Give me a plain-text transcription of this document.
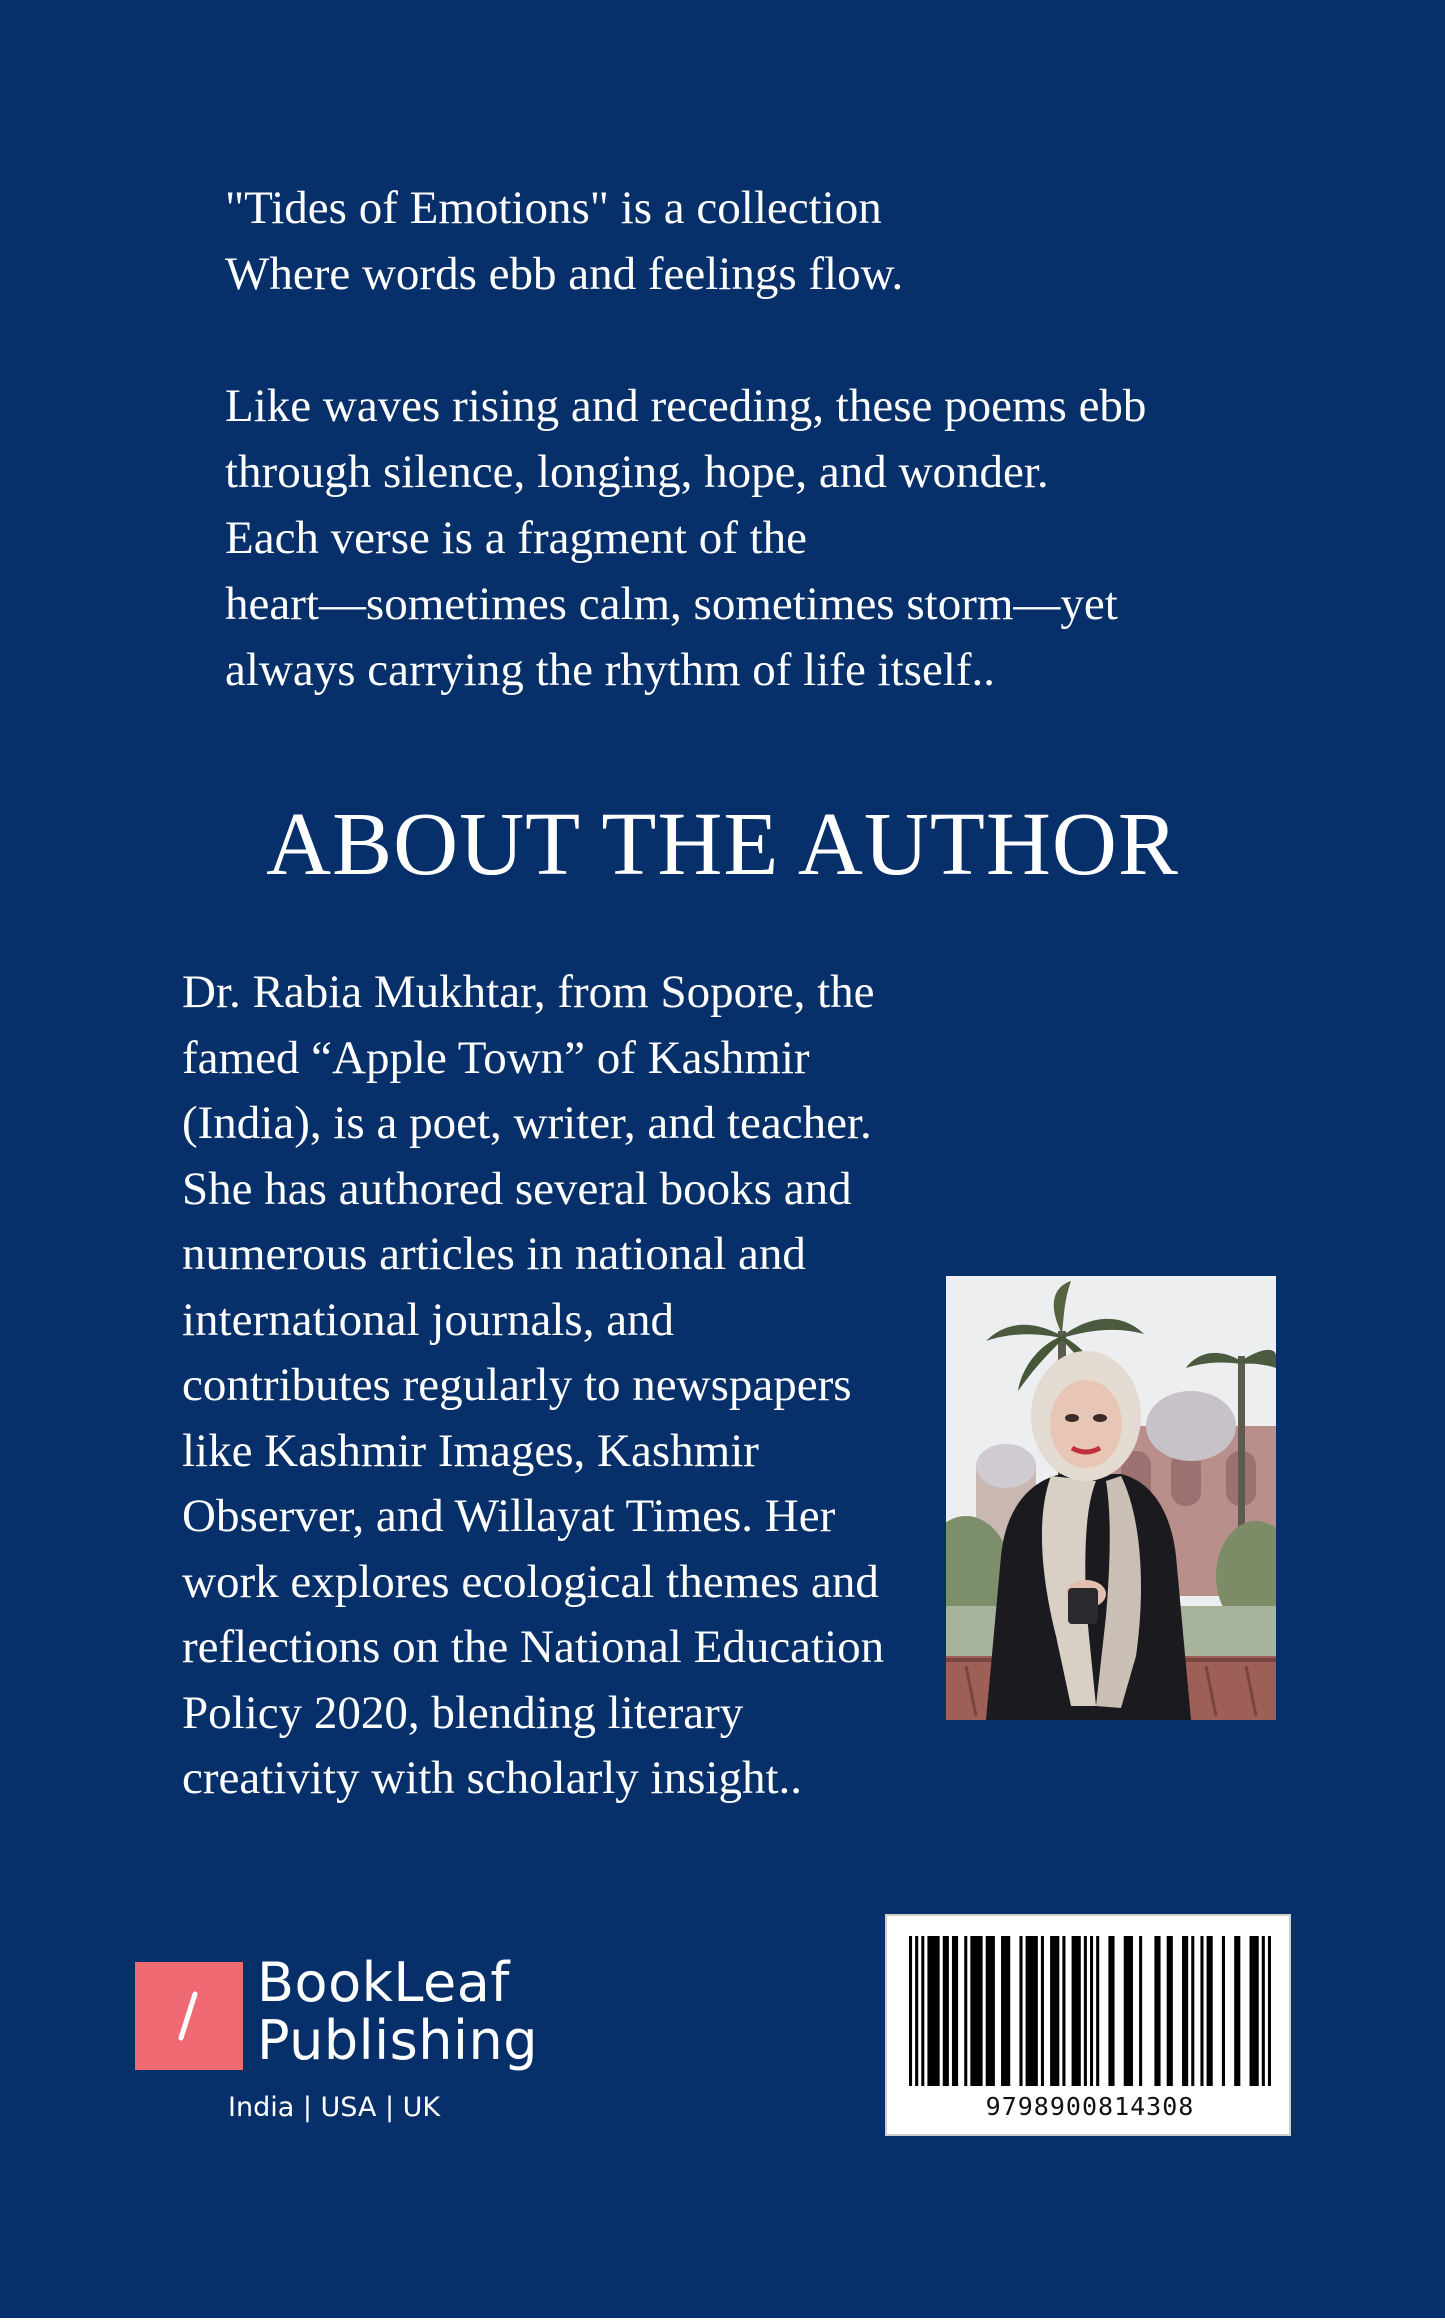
"Tides of Emotions" is a collection

Where words ebb and feelings flow.

Like waves rising and receding, these poems ebb

through silence, longing, hope, and wonder.

Each verse is a fragment of the

heart—sometimes calm, sometimes storm—yet

always carrying the rhythm of life itself..

ABOUT THE AUTHOR
Dr. Rabia Mukhtar, from Sopore, the
famed “Apple Town” of Kashmir
(India), is a poet, writer, and teacher.
She has authored several books and
numerous articles in national and
international journals, and
contributes regularly to newspapers
like Kashmir Images, Kashmir
Observer, and Willayat Times. Her
work explores ecological themes and
reflections on the National Education
Policy 2020, blending literary
creativity with scholarly insight..
BookLeaf
Publishing
India | USA | UK	9798900814308
